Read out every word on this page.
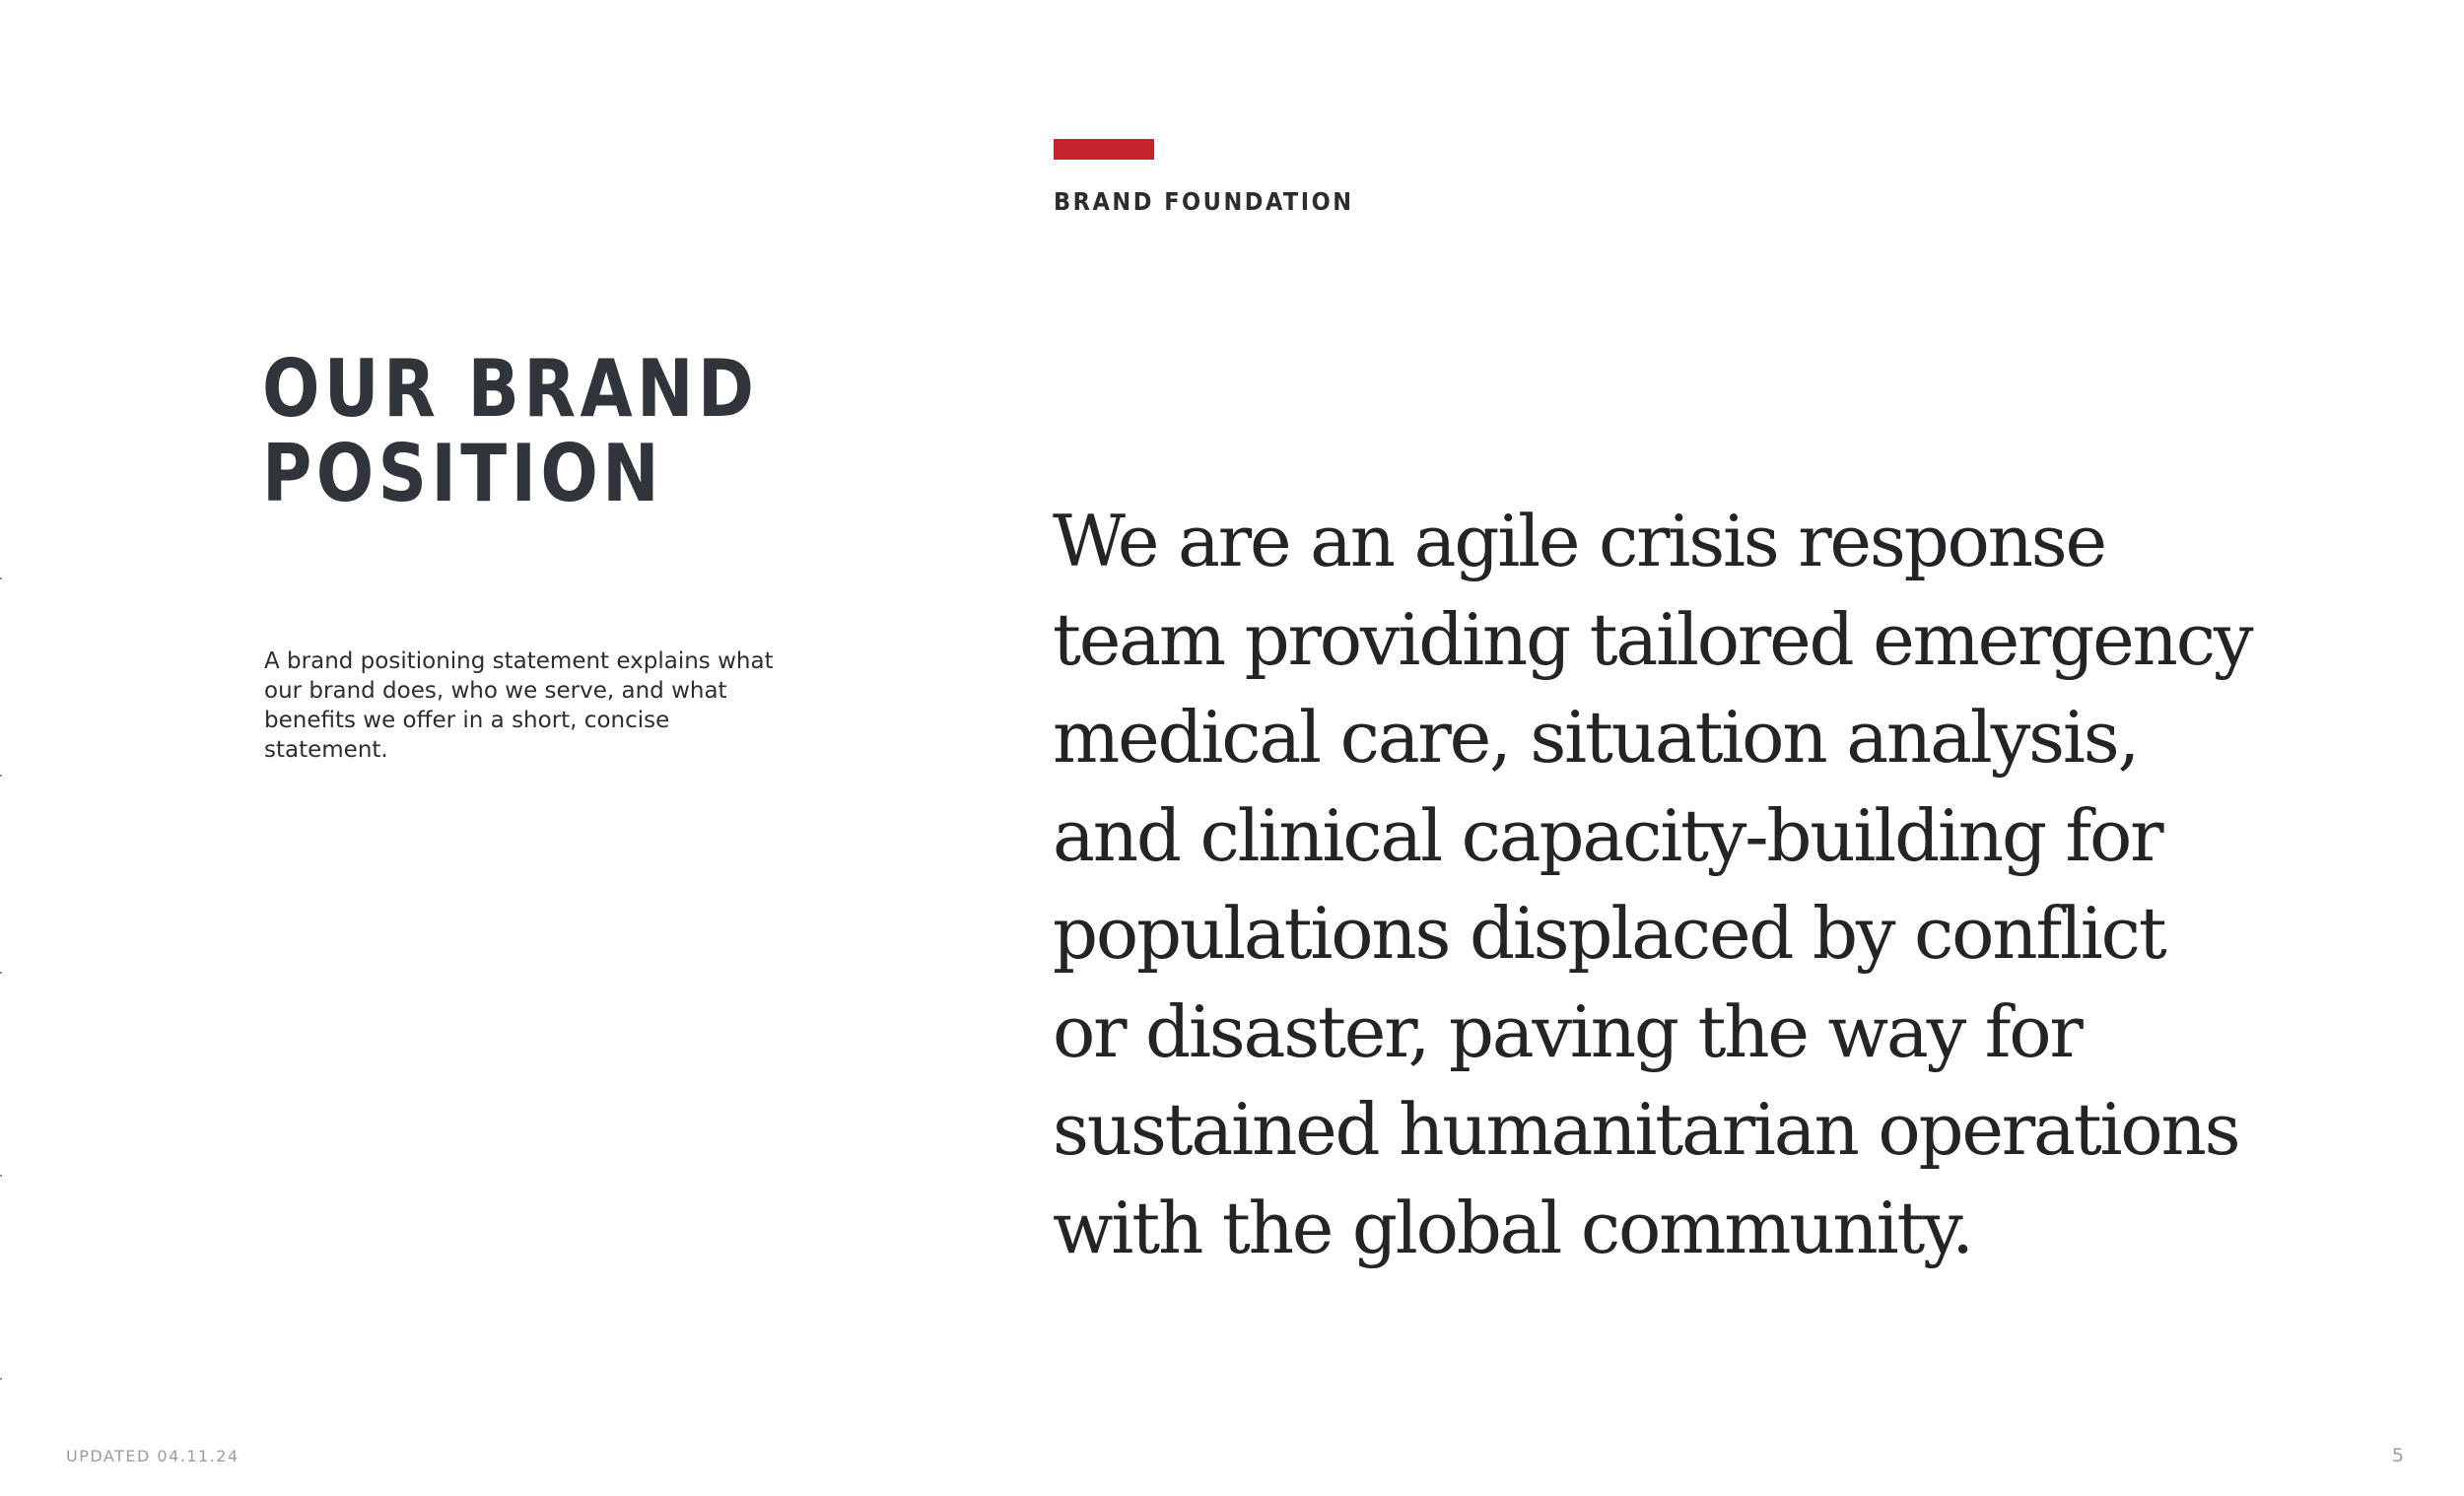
BRAND FOUNDATION
OUR BRAND
POSITION

A brand positioning statement explains what our brand does, who we serve, and what benefits we offer in a short, concise statement.

We are an agile crisis response
team providing tailored emergency
medical care, situation analysis,
and clinical capacity-building for
populations displaced by conflict
or disaster, paving the way for
sustained humanitarian operations
with the global community.

UPDATED 04.11.24	5
